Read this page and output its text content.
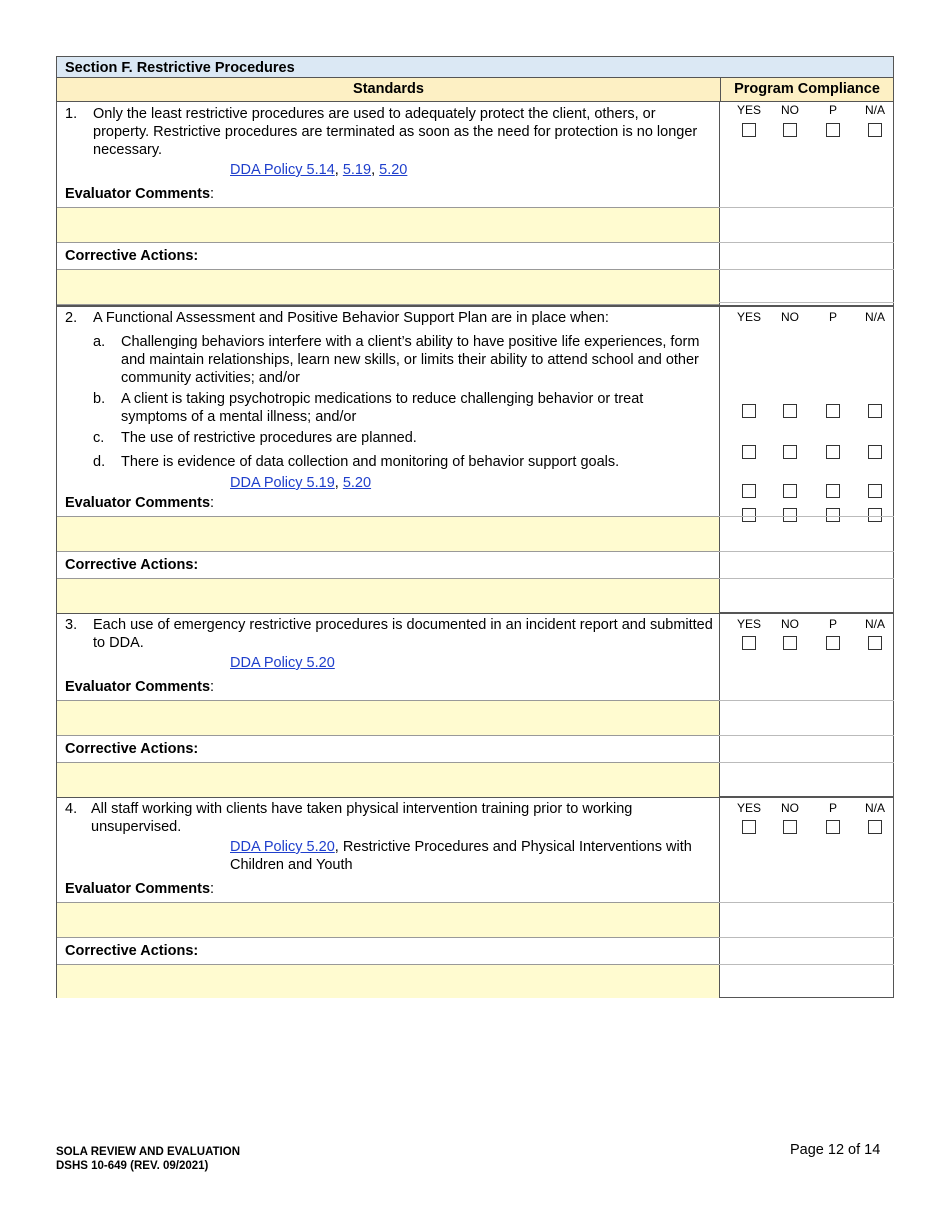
Section F. Restrictive Procedures
Standards	Program Compliance
1. Only the least restrictive procedures are used to adequately protect the client, others, or property. Restrictive procedures are terminated as soon as the need for protection is no longer necessary.
DDA Policy 5.14, 5.19, 5.20
Evaluator Comments:
Corrective Actions:
YES	NO	P	N/A
2. A Functional Assessment and Positive Behavior Support Plan are in place when:
a. Challenging behaviors interfere with a client’s ability to have positive life experiences, form and maintain relationships, learn new skills, or limits their ability to attend school and other community activities; and/or
b. A client is taking psychotropic medications to reduce challenging behavior or treat symptoms of a mental illness; and/or
c. The use of restrictive procedures are planned.
d. There is evidence of data collection and monitoring of behavior support goals.
DDA Policy 5.19, 5.20
Evaluator Comments:
Corrective Actions:
YES	NO	P	N/A
3. Each use of emergency restrictive procedures is documented in an incident report and submitted to DDA.
DDA Policy 5.20
Evaluator Comments:
Corrective Actions:
YES	NO	P	N/A
4. All staff working with clients have taken physical intervention training prior to working unsupervised.
DDA Policy 5.20, Restrictive Procedures and Physical Interventions with Children and Youth
Evaluator Comments:
Corrective Actions:
YES	NO	P	N/A
SOLA REVIEW AND EVALUATION
DSHS 10-649 (REV. 09/2021)
Page 12 of 14
